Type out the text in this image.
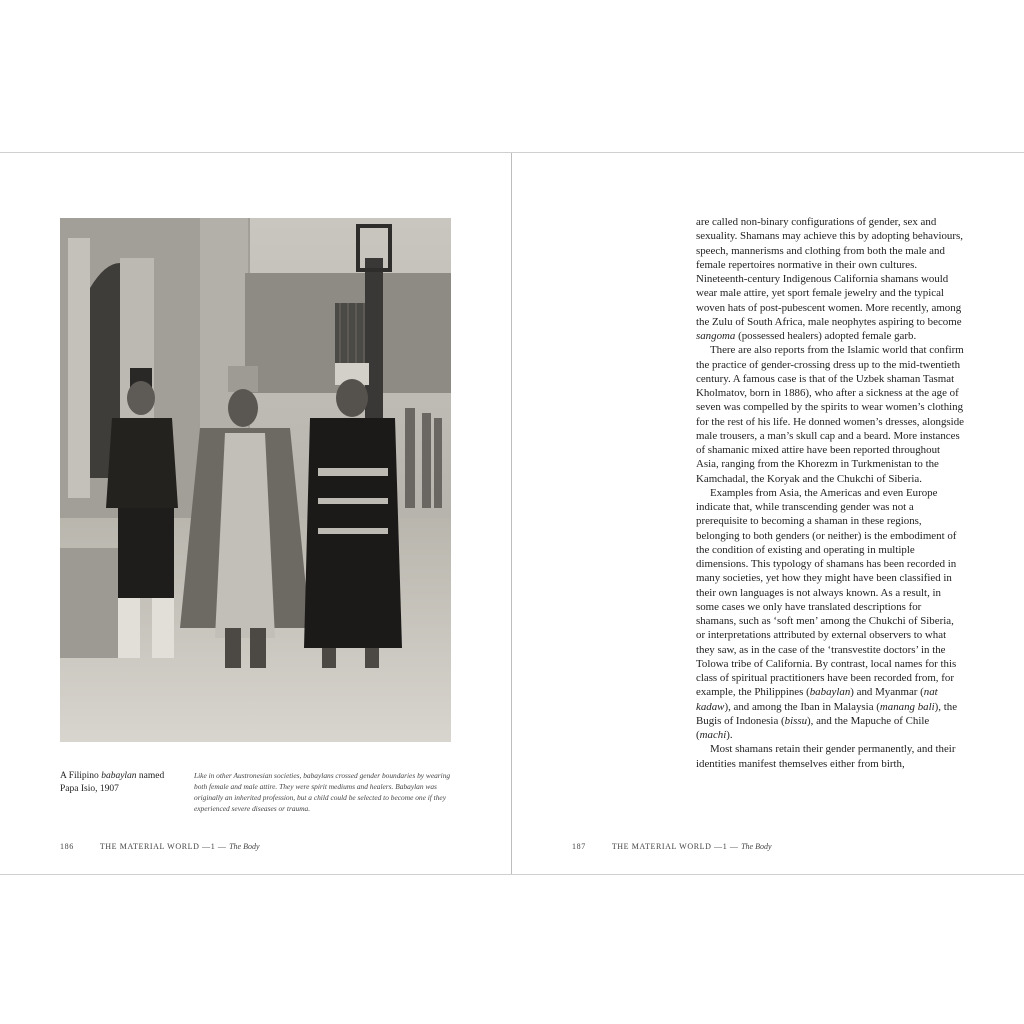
A Filipino babaylan named Papa Isio, 1907
Like in other Austronesian societies, babaylans crossed gender boundaries by wearing both female and male attire. They were spirit mediums and healers. Babaylan was originally an inherited profession, but a child could be selected to become one if they experienced severe diseases or trauma.
186	THE MATERIAL WORLD —1 — The Body

are called non-binary configurations of gender, sex and sexuality. Shamans may achieve this by adopting behaviours, speech, mannerisms and clothing from both the male and female repertoires normative in their own cultures. Nineteenth-century Indigenous California shamans would wear male attire, yet sport female jewelry and the typical woven hats of post-pubescent women. More recently, among the Zulu of South Africa, male neophytes aspiring to become sangoma (possessed healers) adopted female garb.

There are also reports from the Islamic world that confirm the practice of gender-crossing dress up to the mid-twentieth century. A famous case is that of the Uzbek shaman Tasmat Kholmatov, born in 1886), who after a sickness at the age of seven was compelled by the spirits to wear women’s clothing for the rest of his life. He donned women’s dresses, alongside male trousers, a man’s skull cap and a beard. More instances of shamanic mixed attire have been reported throughout Asia, ranging from the Khorezm in Turkmenistan to the Kamchadal, the Koryak and the Chukchi of Siberia.

Examples from Asia, the Americas and even Europe indicate that, while transcending gender was not a prerequisite to becoming a shaman in these regions, belonging to both genders (or neither) is the embodiment of the condition of existing and operating in multiple dimensions. This typology of shamans has been recorded in many societies, yet how they might have been classified in their own languages is not always known. As a result, in some cases we only have translated descriptions for shamans, such as ‘soft men’ among the Chukchi of Siberia, or interpretations attributed by external observers to what they saw, as in the case of the ‘transvestite doctors’ in the Tolowa tribe of California. By contrast, local names for this class of spiritual practitioners have been recorded from, for example, the Philippines (babaylan) and Myanmar (nat kadaw), and among the Iban in Malaysia (manang bali), the Bugis of Indonesia (bissu), and the Mapuche of Chile (machi).

Most shamans retain their gender permanently, and their identities manifest themselves either from birth,

187	THE MATERIAL WORLD —1 — The Body
